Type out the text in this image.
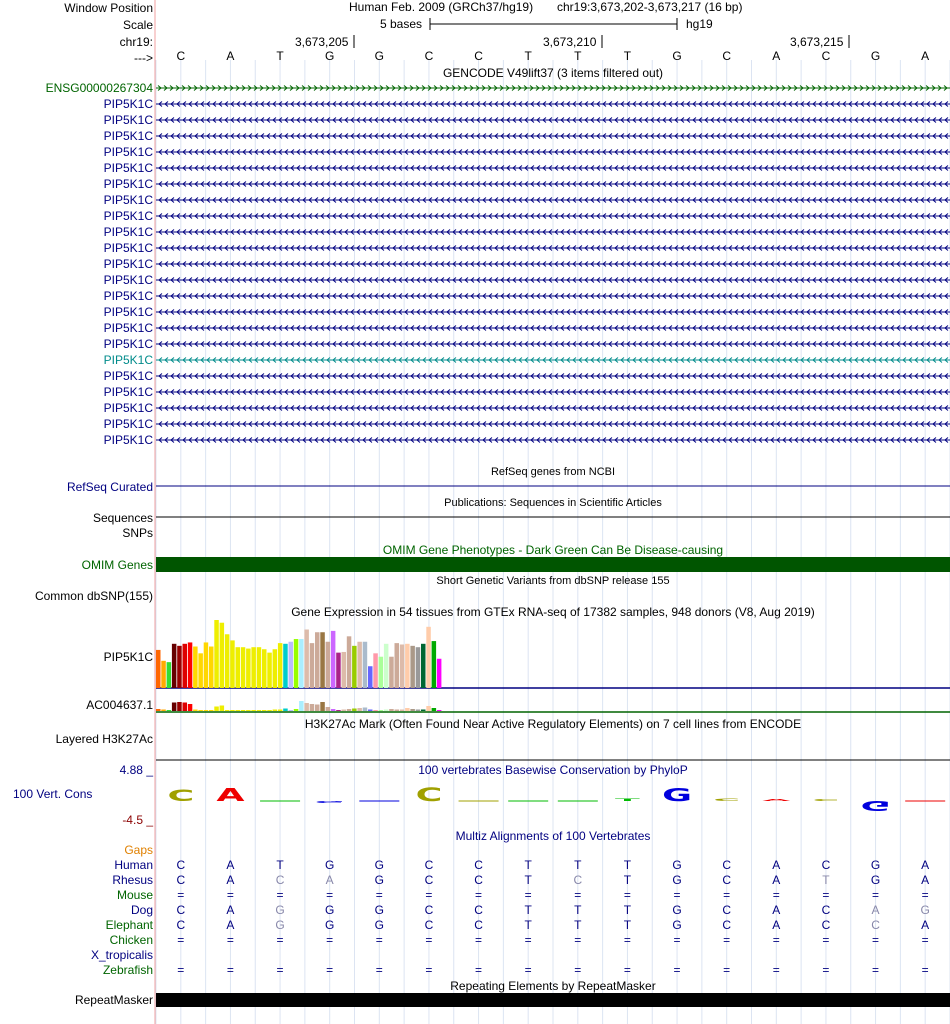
C A	G	C	T G C A C G
Window Position
Scale
chr19:
--->
Human Feb. 2009 (GRCh37/hg19) chr19:3,673,202-3,673,217 (16 bp)
5 bases	hg19
3,673,205	3,673,210	3,673,215
C	A	T	G	G	C	C	T	T	T	G	C	A	C	G	A
GENCODE V49lift37 (3 items filtered out)
ENSG00000267304
PIP5K1C
PIP5K1C
PIP5K1C
PIP5K1C
PIP5K1C
PIP5K1C
PIP5K1C
PIP5K1C
PIP5K1C
PIP5K1C
PIP5K1C
PIP5K1C
PIP5K1C
PIP5K1C
PIP5K1C
PIP5K1C
PIP5K1C
PIP5K1C
PIP5K1C
PIP5K1C
PIP5K1C
PIP5K1C
RefSeq genes from NCBI
RefSeq Curated
Publications: Sequences in Scientific Articles
Sequences
SNPs
OMIM Gene Phenotypes - Dark Green Can Be Disease-causing
OMIM Genes
Short Genetic Variants from dbSNP release 155
Common dbSNP(155)
Gene Expression in 54 tissues from GTEx RNA-seq of 17382 samples, 948 donors (V8, Aug 2019)
PIP5K1C
AC004637.1
H3K27Ac Mark (Often Found Near Active Regulatory Elements) on 7 cell lines from ENCODE
Layered H3K27Ac
100 vertebrates Basewise Conservation by PhyloP
4.88 _
100 Vert. Cons
-4.5 _
Multiz Alignments of 100 Vertebrates
Gaps
Human	C	A	T	G	G	C	C	T	T	T	G	C	A	C	G	A
Rhesus	C	A	C	A	G	C	C	T	C	T	G	C	A	T	G	A
Mouse	=	=	=	=	=	=	=	=	=	=	=	=	=	=	=	=
Dog	C	A	G	G	G	C	C	T	T	T	G	C	A	C	A	G
Elephant	C	A	G	G	G	C	C	T	T	T	G	C	A	C	C	A
Chicken	=	=	=	=	=	=	=	=	=	=	=	=	=	=	=	=
X_tropicalis
Zebrafish	=	=	=	=	=	=	=	=	=	=	=	=	=	=	=	=
Repeating Elements by RepeatMasker
RepeatMasker
